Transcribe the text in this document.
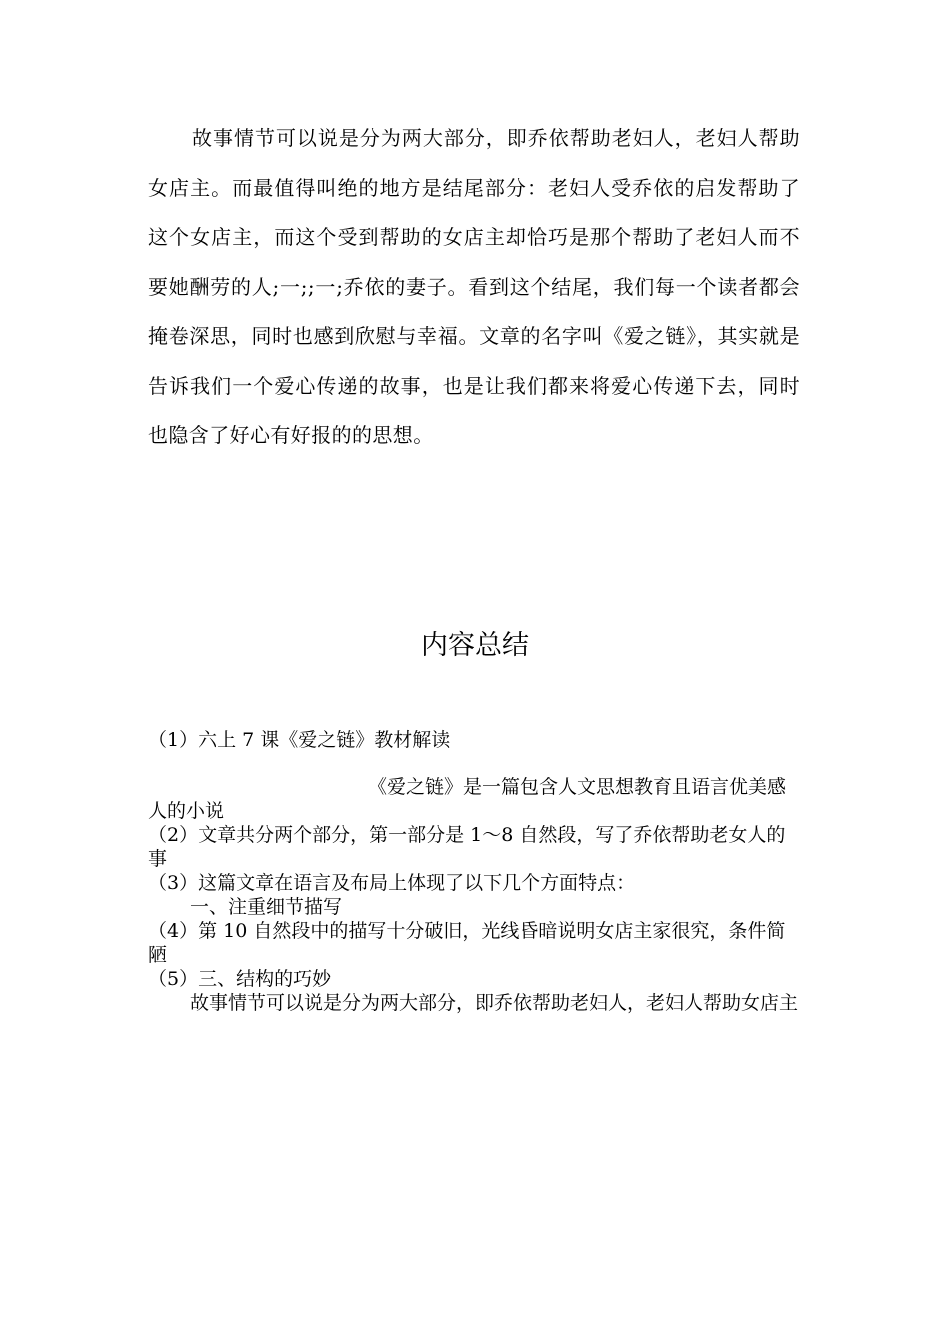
故事情节可以说是分为两大部分，即乔依帮助老妇人，老妇人帮助女店主。而最值得叫绝的地方是结尾部分：老妇人受乔依的启发帮助了这个女店主，而这个受到帮助的女店主却恰巧是那个帮助了老妇人而不要她酬劳的人;一;;一;乔依的妻子。看到这个结尾，我们每一个读者都会掩卷深思，同时也感到欣慰与幸福。文章的名字叫《爱之链》，其实就是告诉我们一个爱心传递的故事，也是让我们都来将爱心传递下去，同时也隐含了好心有好报的的思想。

内容总结
（1）六上 7 课《爱之链》教材解读
《爱之链》是一篇包含人文思想教育且语言优美感人的小说
（2）文章共分两个部分，第一部分是 1～8 自然段，写了乔依帮助老女人的事
（3）这篇文章在语言及布局上体现了以下几个方面特点：
一、注重细节描写
（4）第 10 自然段中的描写十分破旧，光线昏暗说明女店主家很究，条件简陋
（5）三、结构的巧妙
故事情节可以说是分为两大部分，即乔依帮助老妇人，老妇人帮助女店主
